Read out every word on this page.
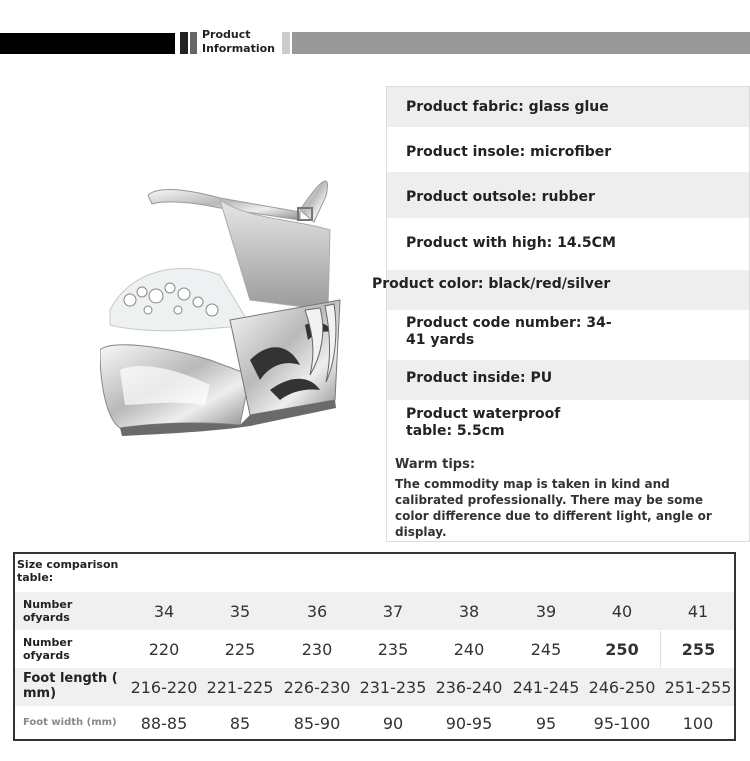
Product Information
Product fabric: glass glue
Product insole: microfiber
Product outsole: rubber
Product with high: 14.5CM
Product code number: 34-41 yards
Product inside: PU
Product waterproof table: 5.5cm
Warm tips:
The commodity map is taken in kind and calibrated professionally. There may be some color difference due to different light, angle or display.
Product color: black/red/silver
Size comparison table:
Number ofyards	34	35	36	37	38	39	40	41
Number ofyards	220	225	230	235	240	245	250	255
Foot length ( mm)	216-220 221-225 226-230 231-235 236-240 241-245 246-250 251-255
Foot width (mm)	88-85	85	85-90	90	90-95	95	95-100	100
